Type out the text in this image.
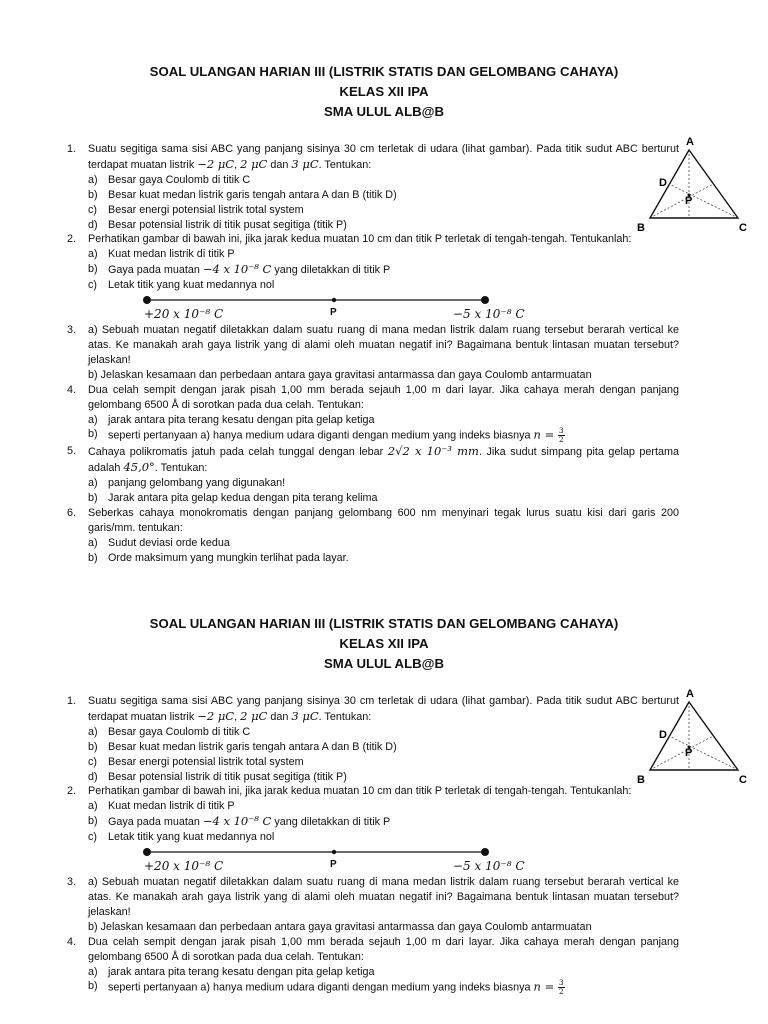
SOAL ULANGAN HARIAN III (LISTRIK STATIS DAN GELOMBANG CAHAYA)
KELAS XII IPA
SMA ULUL ALB@B
A
B	C
D
P
1. Suatu segitiga sama sisi ABC yang panjang sisinya 30 cm terletak di udara (lihat gambar). Pada titik sudut ABC berturut terdapat muatan listrik −2 μC, 2 μC dan 3 μC. Tentukan:
a) Besar gaya Coulomb di titik C
b) Besar kuat medan listrik garis tengah antara A dan B (titik D)
c) Besar energi potensial listrik total system
d) Besar potensial listrik di titik pusat segitiga (titik P)
2. Perhatikan gambar di bawah ini, jika jarak kedua muatan 10 cm dan titik P terletak di tengah-tengah. Tentukanlah:
a) Kuat medan listrik di titik P
b) Gaya pada muatan −4 x 10⁻⁸ C yang diletakkan di titik P
c) Letak titik yang kuat medannya nol
+20 x 10⁻⁸ C	P	−5 x 10⁻⁸ C
3. a) Sebuah muatan negatif diletakkan dalam suatu ruang di mana medan listrik dalam ruang tersebut berarah vertical ke atas. Ke manakah arah gaya listrik yang di alami oleh muatan negatif ini? Bagaimana bentuk lintasan muatan tersebut? jelaskan!
b) Jelaskan kesamaan dan perbedaan antara gaya gravitasi antarmassa dan gaya Coulomb antarmuatan
4. Dua celah sempit dengan jarak pisah 1,00 mm berada sejauh 1,00 m dari layar. Jika cahaya merah dengan panjang gelombang 6500 Å di sorotkan pada dua celah. Tentukan:
a) jarak antara pita terang kesatu dengan pita gelap ketiga
b) seperti pertanyaan a) hanya medium udara diganti dengan medium yang indeks biasnya $n = \frac{3}{2}$
5. Cahaya polikromatis jatuh pada celah tunggal dengan lebar 2√2 x 10⁻³ mm. Jika sudut simpang pita gelap pertama adalah 45,0°. Tentukan:
a) panjang gelombang yang digunakan!
b) Jarak antara pita gelap kedua dengan pita terang kelima
6. Seberkas cahaya monokromatis dengan panjang gelombang 600 nm menyinari tegak lurus suatu kisi dari garis 200 garis/mm. tentukan:
a) Sudut deviasi orde kedua
b) Orde maksimum yang mungkin terlihat pada layar.
SOAL ULANGAN HARIAN III (LISTRIK STATIS DAN GELOMBANG CAHAYA)
KELAS XII IPA
SMA ULUL ALB@B
A
B	C
D
P
1. Suatu segitiga sama sisi ABC yang panjang sisinya 30 cm terletak di udara (lihat gambar). Pada titik sudut ABC berturut terdapat muatan listrik −2 μC, 2 μC dan 3 μC. Tentukan:
a) Besar gaya Coulomb di titik C
b) Besar kuat medan listrik garis tengah antara A dan B (titik D)
c) Besar energi potensial listrik total system
d) Besar potensial listrik di titik pusat segitiga (titik P)
2. Perhatikan gambar di bawah ini, jika jarak kedua muatan 10 cm dan titik P terletak di tengah-tengah. Tentukanlah:
a) Kuat medan listrik di titik P
b) Gaya pada muatan −4 x 10⁻⁸ C yang diletakkan di titik P
c) Letak titik yang kuat medannya nol
+20 x 10⁻⁸ C	P	−5 x 10⁻⁸ C
3. a) Sebuah muatan negatif diletakkan dalam suatu ruang di mana medan listrik dalam ruang tersebut berarah vertical ke atas. Ke manakah arah gaya listrik yang di alami oleh muatan negatif ini? Bagaimana bentuk lintasan muatan tersebut? jelaskan!
b) Jelaskan kesamaan dan perbedaan antara gaya gravitasi antarmassa dan gaya Coulomb antarmuatan
4. Dua celah sempit dengan jarak pisah 1,00 mm berada sejauh 1,00 m dari layar. Jika cahaya merah dengan panjang gelombang 6500 Å di sorotkan pada dua celah. Tentukan:
a) jarak antara pita terang kesatu dengan pita gelap ketiga
b) seperti pertanyaan a) hanya medium udara diganti dengan medium yang indeks biasnya $n = \frac{3}{2}$
